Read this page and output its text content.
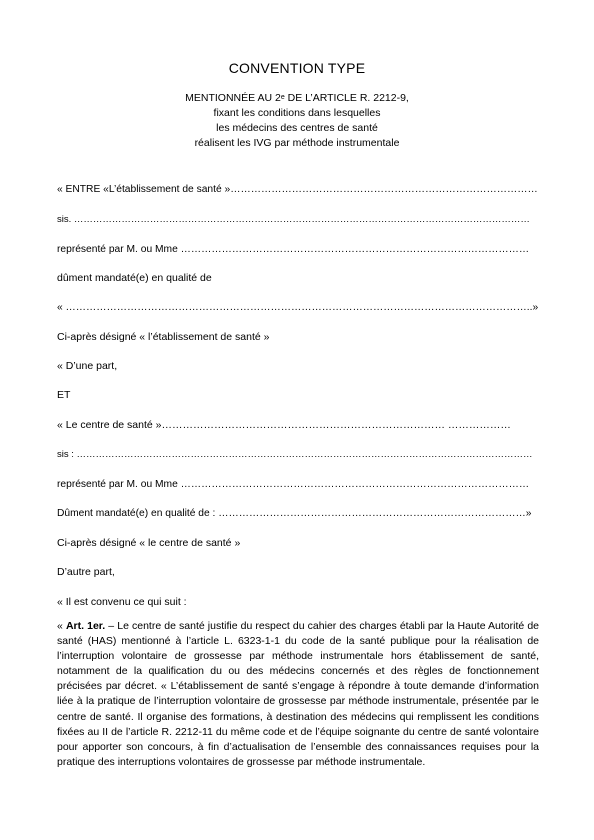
CONVENTION TYPE
MENTIONNÉE AU 2e DE L’ARTICLE R. 2212-9,
fixant les conditions dans lesquelles
les médecins des centres de santé
réalisent les IVG par méthode instrumentale
« ENTRE «L’établissement de santé »………………………………………………………………………………
sis. ………………………………………………………………………………………………………………………………
représenté par M. ou Mme …………………………………………………………………………………………
dûment mandaté(e) en qualité de
« ………………………………………………………………………………………………………………………..»
Ci-après désigné « l’établissement de santé »
« D’une part,
ET
« Le centre de santé »……………………………………………………………………… ………………
sis : ………………………………………………………………………………………………………………………………
représenté par M. ou Mme …………………………………………………………………………………………
Dûment mandaté(e) en qualité de : ………………………………………………………………………………»
Ci-après désigné « le centre de santé »
D’autre part,
« Il est convenu ce qui suit :

« Art. 1er. – Le centre de santé justifie du respect du cahier des charges établi par la Haute Autorité de santé (HAS) mentionné à l’article L. 6323-1-1 du code de la santé publique pour la réalisation de l’interruption volontaire de grossesse par méthode instrumentale hors établissement de santé, notamment de la qualification du ou des médecins concernés et des règles de fonctionnement précisées par décret. « L’établissement de santé s’engage à répondre à toute demande d’information liée à la pratique de l’interruption volontaire de grossesse par méthode instrumentale, présentée par le centre de santé. Il organise des formations, à destination des médecins qui remplissent les conditions fixées au II de l’article R. 2212-11 du même code et de l’équipe soignante du centre de santé volontaire pour apporter son concours, à fin d’actualisation de l’ensemble des connaissances requises pour la pratique des interruptions volontaires de grossesse par méthode instrumentale.
